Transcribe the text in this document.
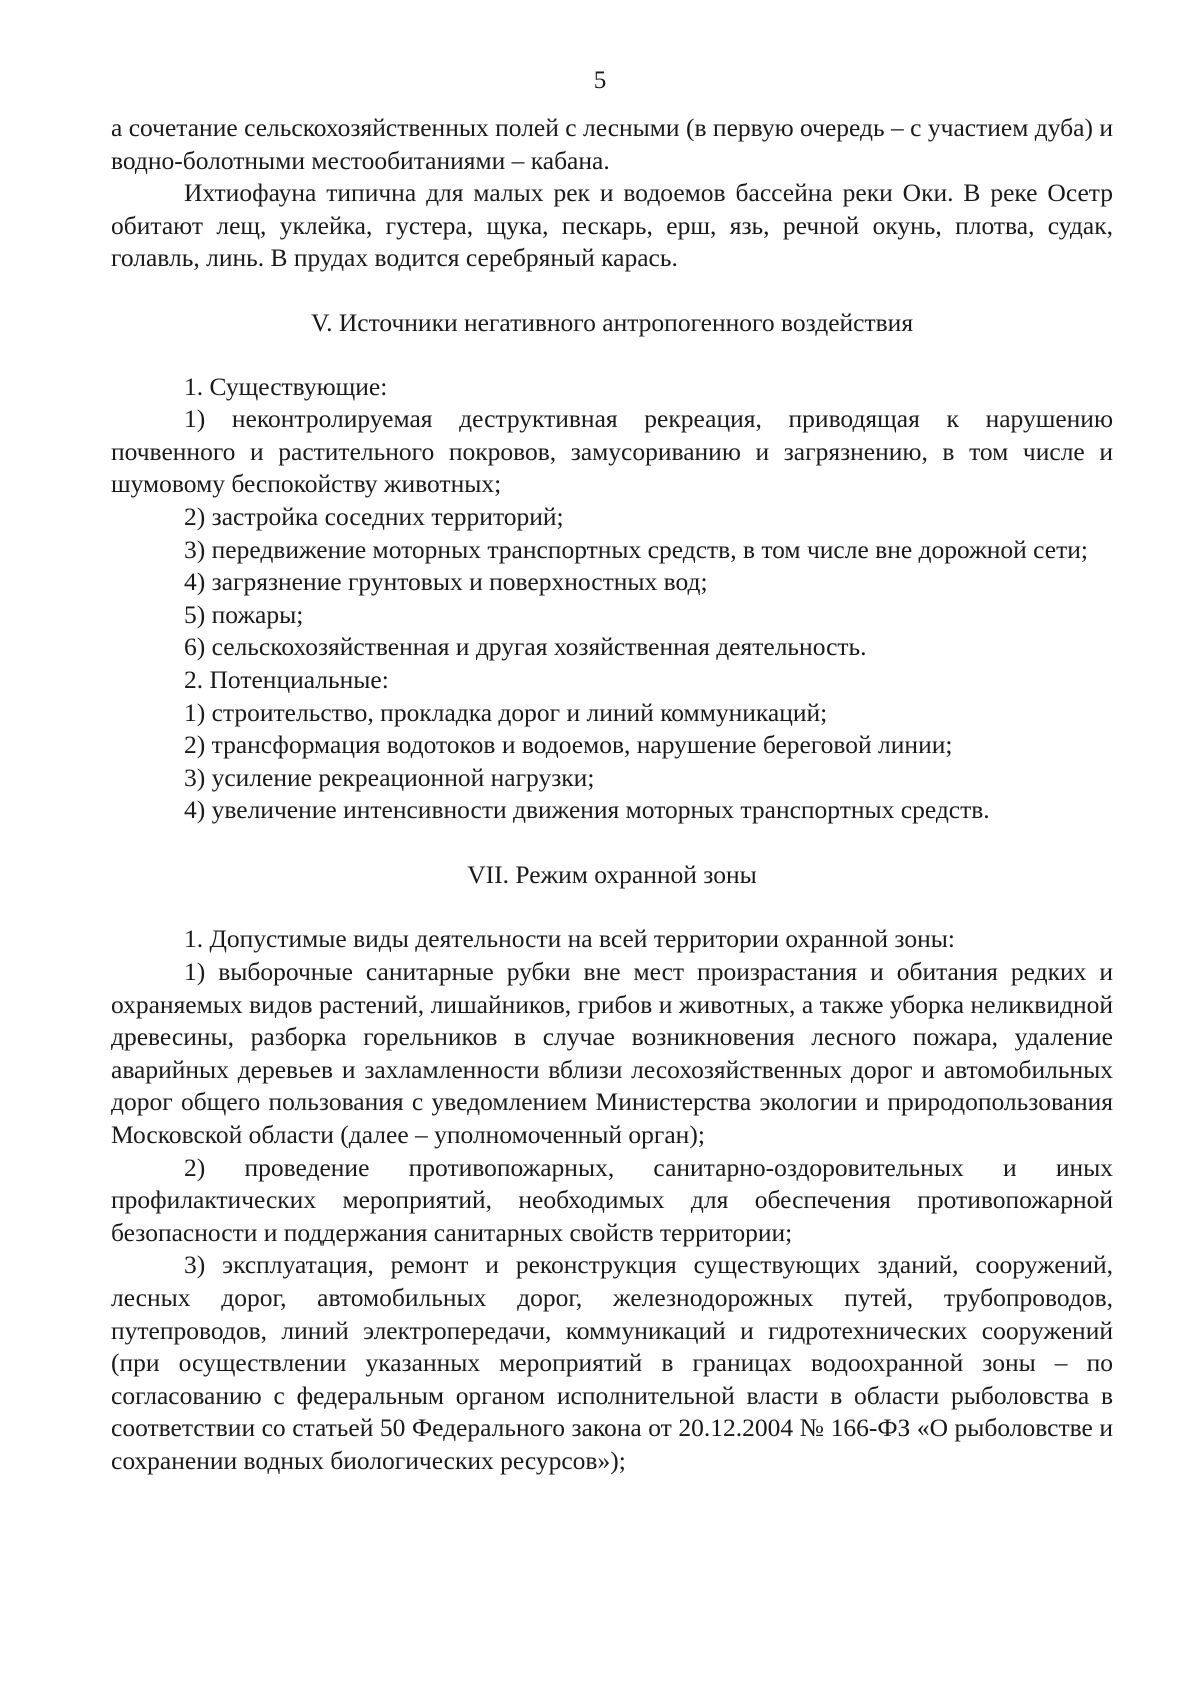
5

а сочетание сельскохозяйственных полей с лесными (в первую очередь – с участием дуба) и водно-болотными местообитаниями – кабана.

Ихтиофауна типична для малых рек и водоемов бассейна реки Оки. В реке Осетр обитают лещ, уклейка, густера, щука, пескарь, ерш, язь, речной окунь, плотва, судак, голавль, линь. В прудах водится серебряный карась.

V. Источники негативного антропогенного воздействия

1. Существующие:

1) неконтролируемая деструктивная рекреация, приводящая к нарушению почвенного и растительного покровов, замусориванию и загрязнению, в том числе и шумовому беспокойству животных;

2) застройка соседних территорий;

3) передвижение моторных транспортных средств, в том числе вне дорожной сети;

4) загрязнение грунтовых и поверхностных вод;

5) пожары;

6) сельскохозяйственная и другая хозяйственная деятельность.

2. Потенциальные:

1) строительство, прокладка дорог и линий коммуникаций;

2) трансформация водотоков и водоемов, нарушение береговой линии;

3) усиление рекреационной нагрузки;

4) увеличение интенсивности движения моторных транспортных средств.

VII. Режим охранной зоны

1. Допустимые виды деятельности на всей территории охранной зоны:

1) выборочные санитарные рубки вне мест произрастания и обитания редких и охраняемых видов растений, лишайников, грибов и животных, а также уборка неликвидной древесины, разборка горельников в случае возникновения лесного пожара, удаление аварийных деревьев и захламленности вблизи лесохозяйственных дорог и автомобильных дорог общего пользования с уведомлением Министерства экологии и природопользования Московской области (далее – уполномоченный орган);

2) проведение противопожарных, санитарно-оздоровительных и иных профилактических мероприятий, необходимых для обеспечения противопожарной безопасности и поддержания санитарных свойств территории;

3) эксплуатация, ремонт и реконструкция существующих зданий, сооружений, лесных дорог, автомобильных дорог, железнодорожных путей, трубопроводов, путепроводов, линий электропередачи, коммуникаций и гидротехнических сооружений (при осуществлении указанных мероприятий в границах водоохранной зоны – по согласованию с федеральным органом исполнительной власти в области рыболовства в соответствии со статьей 50 Федерального закона от 20.12.2004 № 166-ФЗ «О рыболовстве и сохранении водных биологических ресурсов»);
